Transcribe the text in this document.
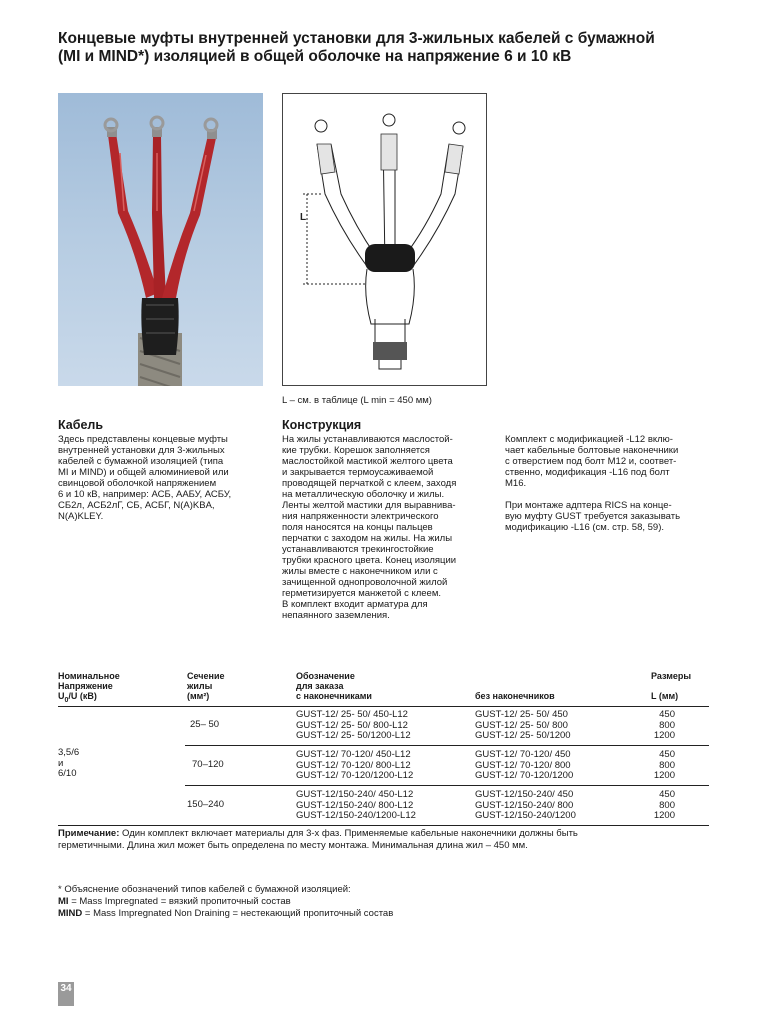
Концевые муфты внутренней установки для 3-жильных кабелей с бумажной
(MI и MIND*) изоляцией в общей оболочке на напряжение 6 и 10 кВ
L
L – см. в таблице (L min = 450 мм)
Кабель
Здесь представлены концевые муфты
внутренней установки для 3-жильных
кабелей с бумажной изоляцией (типа
MI и MIND) и общей алюминиевой или
свинцовой оболочкой напряжением
6 и 10 кВ, например: АСБ, ААБУ, АСБУ,
СБ2л, АСБ2лГ, СБ, АСБГ, N(A)KBA,
N(A)KLEY.
Конструкция
На жилы устанавливаются маслостой-
кие трубки. Корешок заполняется
маслостойкой мастикой желтого цвета
и закрывается термоусаживаемой
проводящей перчаткой с клеем, заходя
на металлическую оболочку и жилы.
Ленты желтой мастики для выравнива-
ния напряженности электрического
поля наносятся на концы пальцев
перчатки с заходом на жилы. На жилы
устанавливаются трекингостойкие
трубки красного цвета. Конец изоляции
жилы вместе с наконечником или с
зачищенной однопроволочной жилой
герметизируется манжетой с клеем.
В комплект входит арматура для
непаянного заземления.

Комплект с модификацией -L12 вклю-
чает кабельные болтовые наконечники
с отверстием под болт M12 и, соответ-
ственно, модификация -L16 под болт
M16.

При монтаже адптера RICS на конце-
вую муфту GUST требуется заказывать
модификацию -L16 (см. стр. 58, 59).

Номинальное
Напряжение
$U_0/U$ (кВ)
Сечение
жилы
(мм²)
Обозначение
для заказа
с наконечниками	без наконечников
Размеры
L (мм)
3,5/6
и
6/10
25– 50
GUST-12/ 25- 50/ 450-L12
GUST-12/ 25- 50/ 800-L12
GUST-12/ 25- 50/1200-L12
GUST-12/ 25- 50/ 450
GUST-12/ 25- 50/ 800
GUST-12/ 25- 50/1200
450
800
1200
70–120
GUST-12/ 70-120/ 450-L12
GUST-12/ 70-120/ 800-L12
GUST-12/ 70-120/1200-L12
GUST-12/ 70-120/ 450
GUST-12/ 70-120/ 800
GUST-12/ 70-120/1200
450
800
1200
150–240
GUST-12/150-240/ 450-L12
GUST-12/150-240/ 800-L12
GUST-12/150-240/1200-L12
GUST-12/150-240/ 450
GUST-12/150-240/ 800
GUST-12/150-240/1200
450
800
1200
Примечание: Один комплект включает материалы для 3-х фаз. Применяемые кабельные наконечники должны быть
герметичными. Длина жил может быть определена по месту монтажа. Минимальная длина жил – 450 мм.
* Объяснение обозначений типов кабелей с бумажной изоляцией:
MI = Mass Impregnated = вязкий пропиточный состав
MIND = Mass Impregnated Non Draining = нестекающий пропиточный состав
34
